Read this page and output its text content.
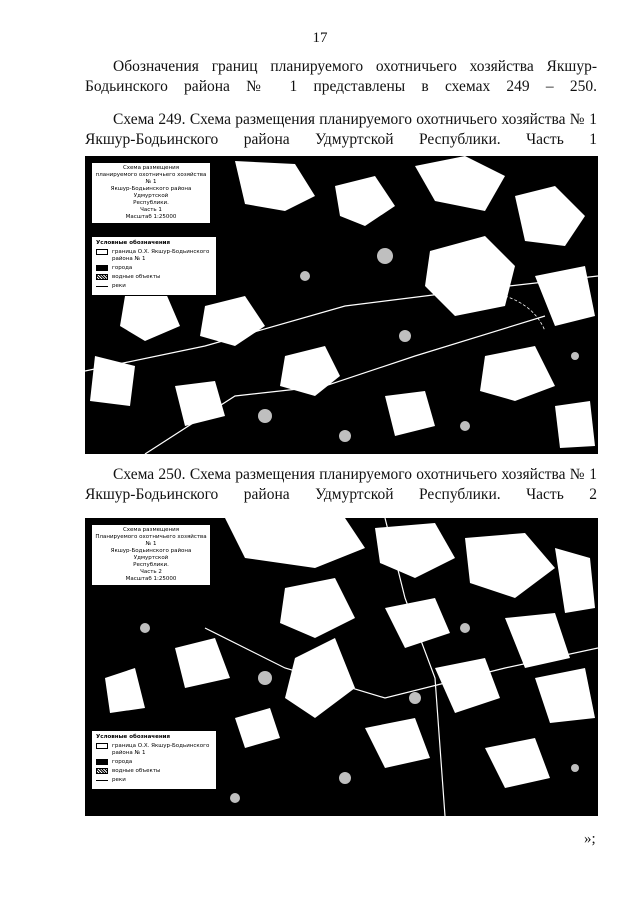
17

Обозначения границ планируемого охотничьего хозяйства Якшур-Бодьинского района № 1 представлены в схемах 249 – 250.

Схема 249. Схема размещения планируемого охотничьего хозяйства № 1 Якшур-Бодьинского района Удмуртской Республики. Часть 1

Схема размещения
планируемого охотничьего хозяйства № 1
Якшур-Бодьинского района Удмуртской
Республики.
Часть 1
Масштаб 1:25000
Условные обозначения
граница О.Х. Якшур-Бодьинского района № 1
города
водные объекты
реки

Схема 250. Схема размещения планируемого охотничьего хозяйства № 1 Якшур-Бодьинского района Удмуртской Республики. Часть 2

Схема размещения
Планируемого охотничьего хозяйства № 1
Якшур-Бодьинского района Удмуртской
Республики.
Часть 2
Масштаб 1:25000
Условные обозначения
граница О.Х. Якшур-Бодьинского района № 1
города
водные объекты
реки
»;
